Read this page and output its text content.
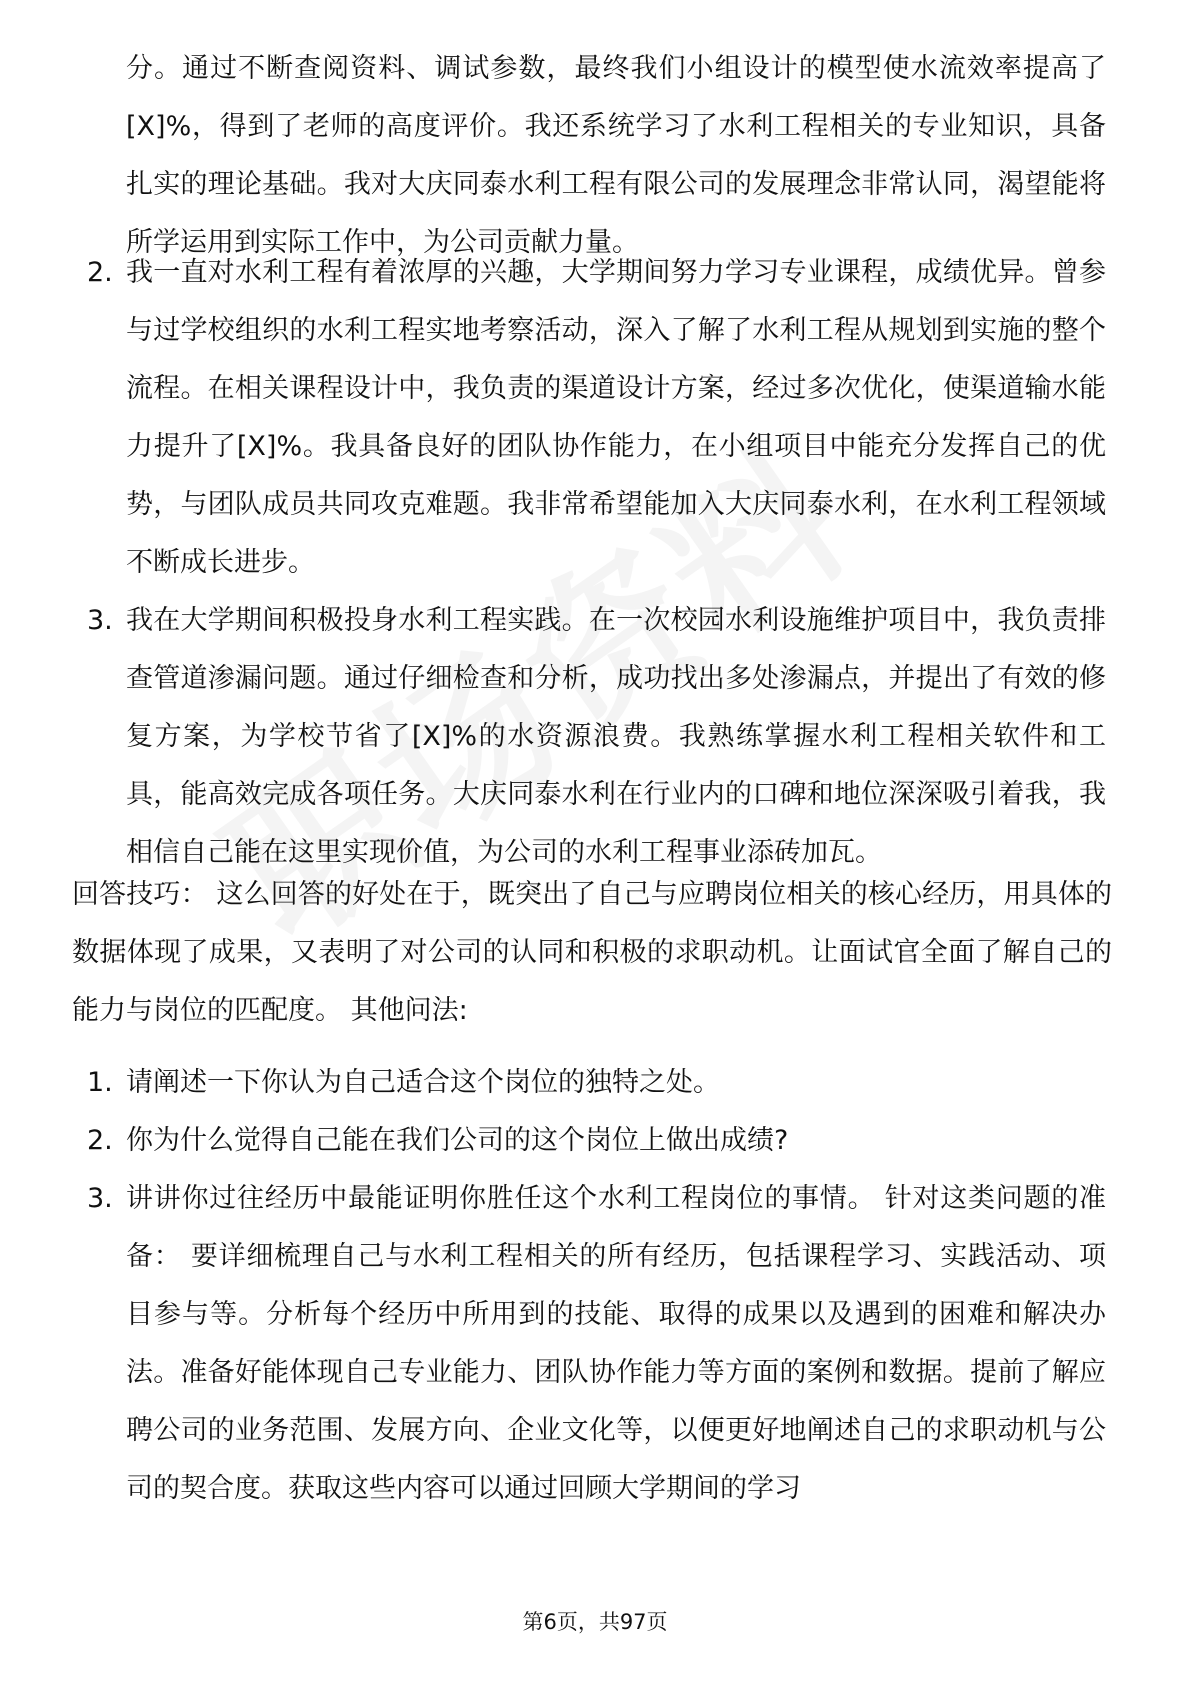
分。通过不断查阅资料、调试参数，最终我们小组设计的模型使水流效率提高了[X]%，得到了老师的高度评价。我还系统学习了水利工程相关的专业知识，具备扎实的理论基础。我对大庆同泰水利工程有限公司的发展理念非常认同，渴望能将所学运用到实际工作中，为公司贡献力量。

2. 我一直对水利工程有着浓厚的兴趣，大学期间努力学习专业课程，成绩优异。曾参与过学校组织的水利工程实地考察活动，深入了解了水利工程从规划到实施的整个流程。在相关课程设计中，我负责的渠道设计方案，经过多次优化，使渠道输水能力提升了[X]%。我具备良好的团队协作能力，在小组项目中能充分发挥自己的优势，与团队成员共同攻克难题。我非常希望能加入大庆同泰水利，在水利工程领域不断成长进步。
3. 我在大学期间积极投身水利工程实践。在一次校园水利设施维护项目中，我负责排查管道渗漏问题。通过仔细检查和分析，成功找出多处渗漏点，并提出了有效的修复方案，为学校节省了[X]%的水资源浪费。我熟练掌握水利工程相关软件和工具，能高效完成各项任务。大庆同泰水利在行业内的口碑和地位深深吸引着我，我相信自己能在这里实现价值，为公司的水利工程事业添砖加瓦。

回答技巧： 这么回答的好处在于，既突出了自己与应聘岗位相关的核心经历，用具体的数据体现了成果，又表明了对公司的认同和积极的求职动机。让面试官全面了解自己的能力与岗位的匹配度。 其他问法:

1. 请阐述一下你认为自己适合这个岗位的独特之处。
2. 你为什么觉得自己能在我们公司的这个岗位上做出成绩?
3. 讲讲你过往经历中最能证明你胜任这个水利工程岗位的事情。 针对这类问题的准备： 要详细梳理自己与水利工程相关的所有经历，包括课程学习、实践活动、项目参与等。分析每个经历中所用到的技能、取得的成果以及遇到的困难和解决办法。准备好能体现自己专业能力、团队协作能力等方面的案例和数据。提前了解应聘公司的业务范围、发展方向、企业文化等，以便更好地阐述自己的求职动机与公司的契合度。获取这些内容可以通过回顾大学期间的学习
第6页，共97页
